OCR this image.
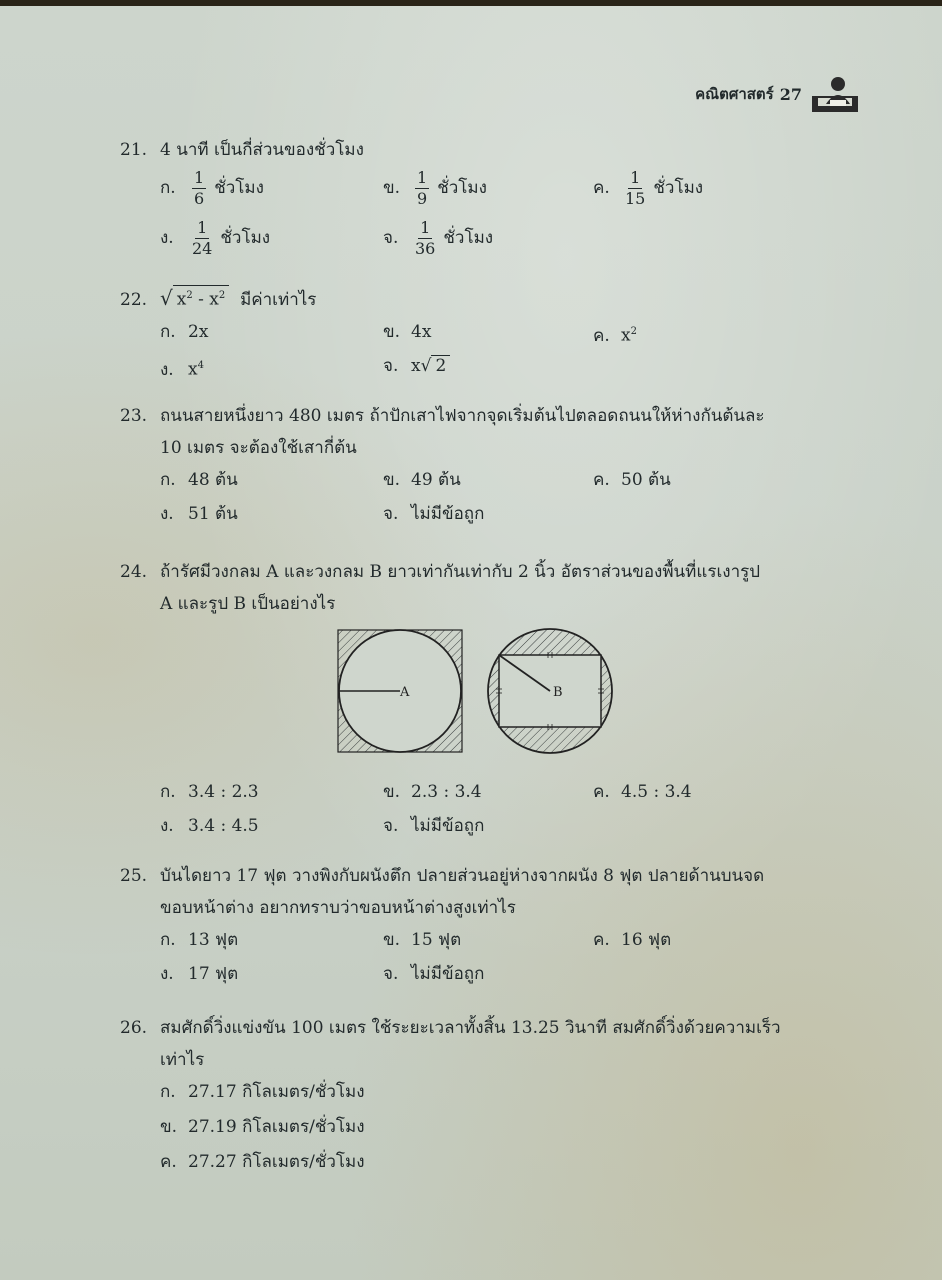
คณิตศาสตร์ 27
21. 4 นาที เป็นกี่ส่วนของชั่วโมง
ก. $\frac{1}{6}$ ชั่วโมง	ข. $\frac{1}{9}$ ชั่วโมง	ค. $\frac{1}{15}$ ชั่วโมง
ง. $\frac{1}{24}$ ชั่วโมง	จ. $\frac{1}{36}$ ชั่วโมง
22. √ $x^2 - x^2$ มีค่าเท่าไร
ก. 2x	ข. 4x	ค. $x^2$
ง. $x^4$	จ. x√ 2
23. ถนนสายหนึ่งยาว 480 เมตร ถ้าปักเสาไฟจากจุดเริ่มต้นไปตลอดถนนให้ห่างกันต้นละ
10 เมตร จะต้องใช้เสากี่ต้น
ก. 48 ต้น	ข. 49 ต้น	ค. 50 ต้น
ง. 51 ต้น	จ. ไม่มีข้อถูก
24. ถ้ารัศมีวงกลม A และวงกลม B ยาวเท่ากันเท่ากับ 2 นิ้ว อัตราส่วนของพื้นที่แรเงารูป
A และรูป B เป็นอย่างไร
A	B
ก. 3.4 : 2.3	ข. 2.3 : 3.4	ค. 4.5 : 3.4
ง. 3.4 : 4.5	จ. ไม่มีข้อถูก
25. บันไดยาว 17 ฟุต วางพิงกับผนังตึก ปลายส่วนอยู่ห่างจากผนัง 8 ฟุต ปลายด้านบนจด
ขอบหน้าต่าง อยากทราบว่าขอบหน้าต่างสูงเท่าไร
ก. 13 ฟุต	ข. 15 ฟุต	ค. 16 ฟุต
ง. 17 ฟุต	จ. ไม่มีข้อถูก
26. สมศักดิ์วิ่งแข่งขัน 100 เมตร ใช้ระยะเวลาทั้งสิ้น 13.25 วินาที สมศักดิ์วิ่งด้วยความเร็ว
เท่าไร
ก. 27.17 กิโลเมตร/ชั่วโมง
ข. 27.19 กิโลเมตร/ชั่วโมง
ค. 27.27 กิโลเมตร/ชั่วโมง
